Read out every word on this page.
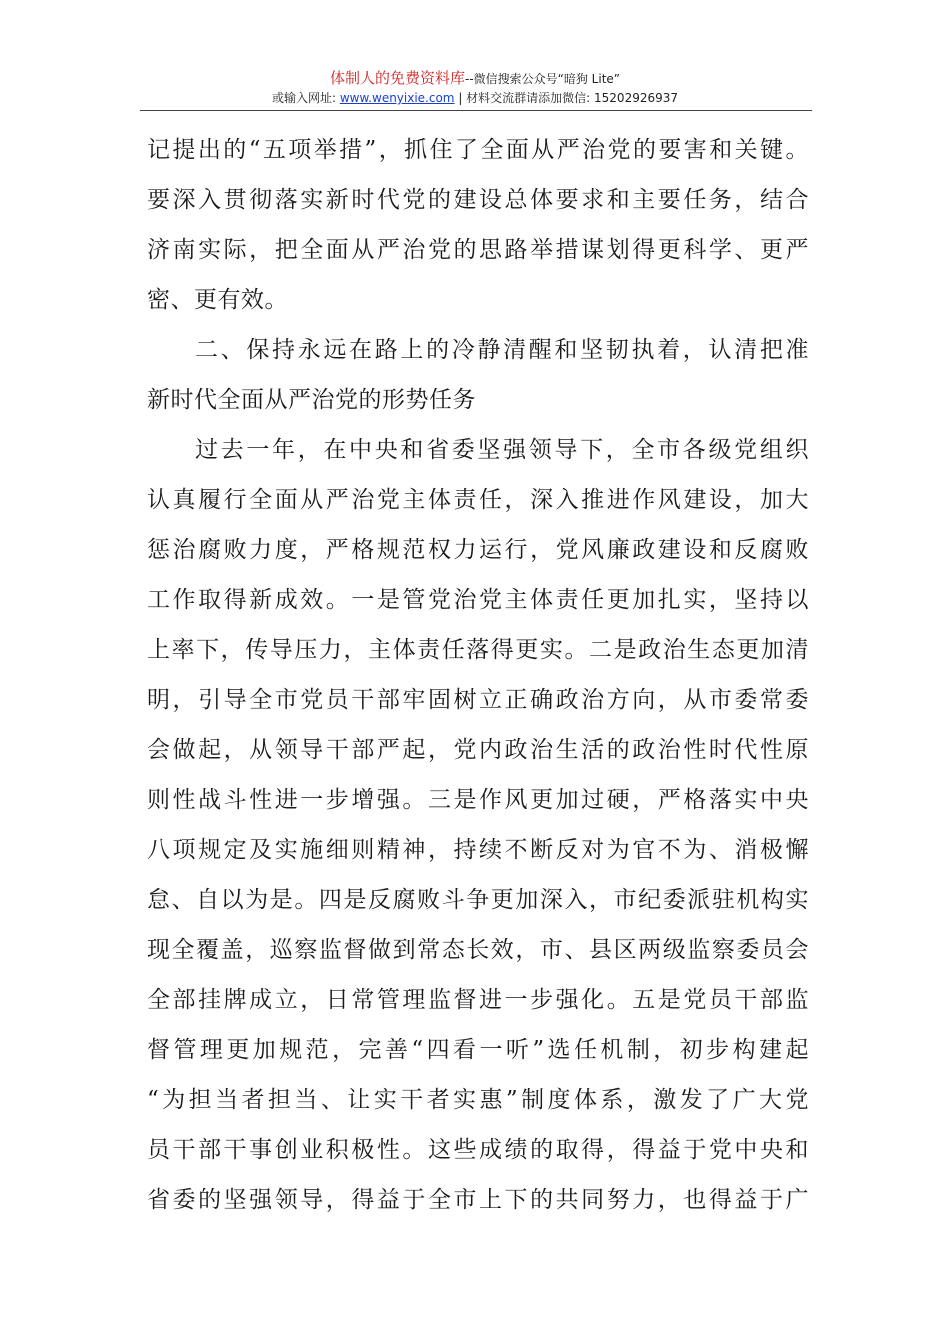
体制人的免费资料库--微信搜索公众号“暗狗 Lite”
或输入网址: www.wenyixie.com | 材料交流群请添加微信: 15202926937
记提出的“五项举措”，抓住了全面从严治党的要害和关键。
要深入贯彻落实新时代党的建设总体要求和主要任务，结合
济南实际，把全面从严治党的思路举措谋划得更科学、更严
密、更有效。
二、保持永远在路上的冷静清醒和坚韧执着，认清把准
新时代全面从严治党的形势任务
过去一年，在中央和省委坚强领导下，全市各级党组织
认真履行全面从严治党主体责任，深入推进作风建设，加大
惩治腐败力度，严格规范权力运行，党风廉政建设和反腐败
工作取得新成效。一是管党治党主体责任更加扎实，坚持以
上率下，传导压力，主体责任落得更实。二是政治生态更加清
明，引导全市党员干部牢固树立正确政治方向，从市委常委
会做起，从领导干部严起，党内政治生活的政治性时代性原
则性战斗性进一步增强。三是作风更加过硬，严格落实中央
八项规定及实施细则精神，持续不断反对为官不为、消极懈
怠、自以为是。四是反腐败斗争更加深入，市纪委派驻机构实
现全覆盖，巡察监督做到常态长效，市、县区两级监察委员会
全部挂牌成立，日常管理监督进一步强化。五是党员干部监
督管理更加规范，完善“四看一听”选任机制，初步构建起
“为担当者担当、让实干者实惠”制度体系，激发了广大党
员干部干事创业积极性。这些成绩的取得，得益于党中央和
省委的坚强领导，得益于全市上下的共同努力，也得益于广
